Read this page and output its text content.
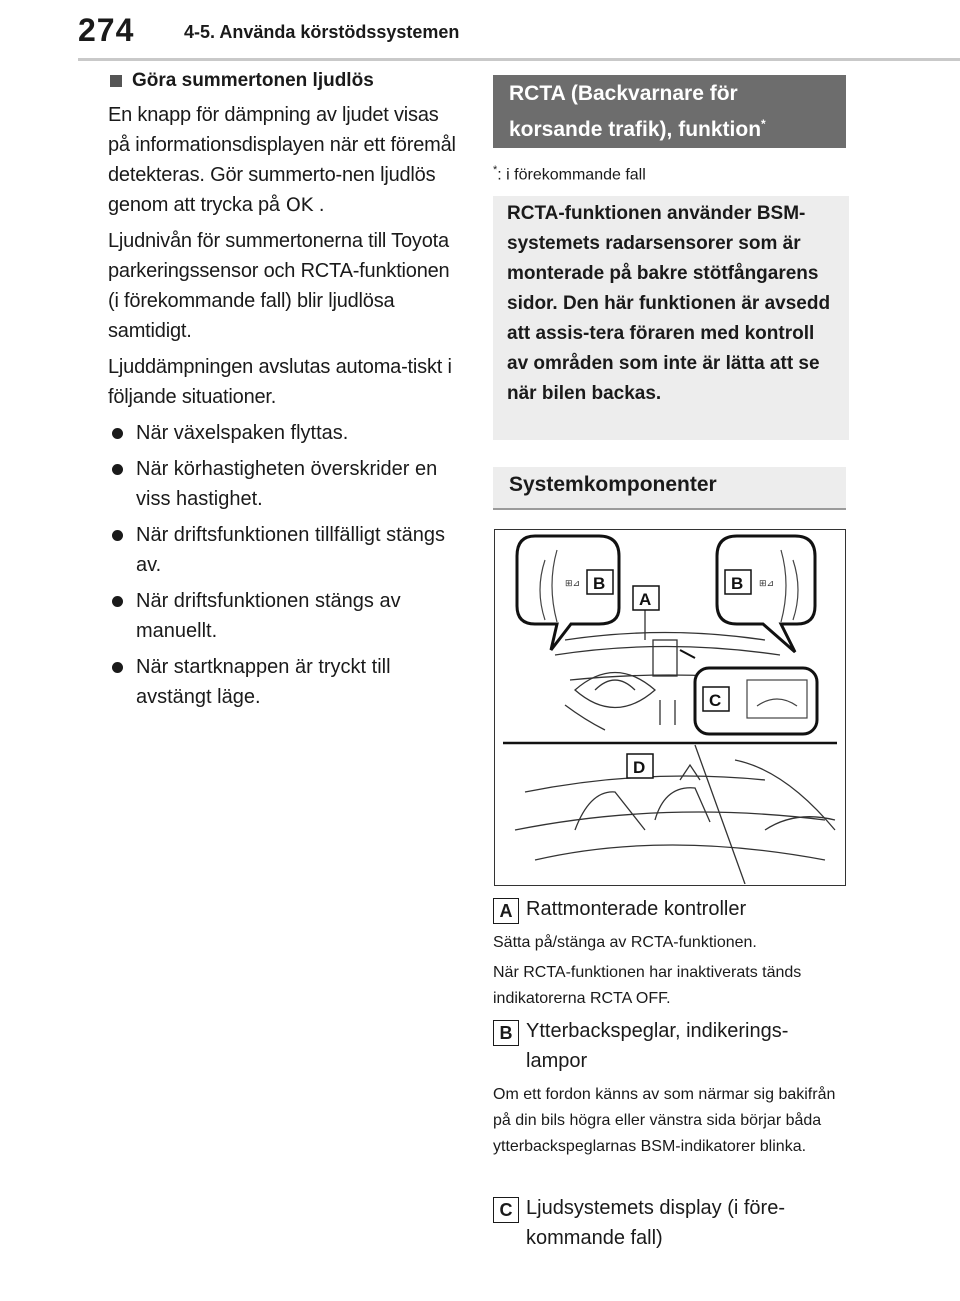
274	4-5. Använda körstödssystemen
Göra summertonen ljudlös

En knapp för dämpning av ljudet visas på informationsdisplayen när ett föremål detekteras. Gör summerto-nen ljudlös genom att trycka på OK .

Ljudnivån för summertonerna till Toyota parkeringssensor och RCTA-funktionen (i förekommande fall) blir ljudlösa samtidigt.

Ljuddämpningen avslutas automa-tiskt i följande situationer.

När växelspaken flyttas.
När körhastigheten överskrider en viss hastighet.
När driftsfunktionen tillfälligt stängs av.
När driftsfunktionen stängs av manuellt.
När startknappen är tryckt till avstängt läge.
RCTA (Backvarnare för korsande trafik), funktion*
*: i förekommande fall
RCTA-funktionen använder BSM-systemets radarsensorer som är monterade på bakre stötfångarens sidor. Den här funktionen är avsedd att assis-tera föraren med kontroll av områden som inte är lätta att se när bilen backas.
Systemkomponenter
⊞⊿ B	⊞⊿
B
A
C
D
A Rattmonterade kontroller

Sätta på/stänga av RCTA-funktionen.

När RCTA-funktionen har inaktiverats tänds indikatorerna RCTA OFF.

B Ytterbackspeglar, indikerings-lampor

Om ett fordon känns av som närmar sig bakifrån på din bils högra eller vänstra sida börjar båda ytterbackspeglarnas BSM-indikatorer blinka.

C Ljudsystemets display (i före-kommande fall)
